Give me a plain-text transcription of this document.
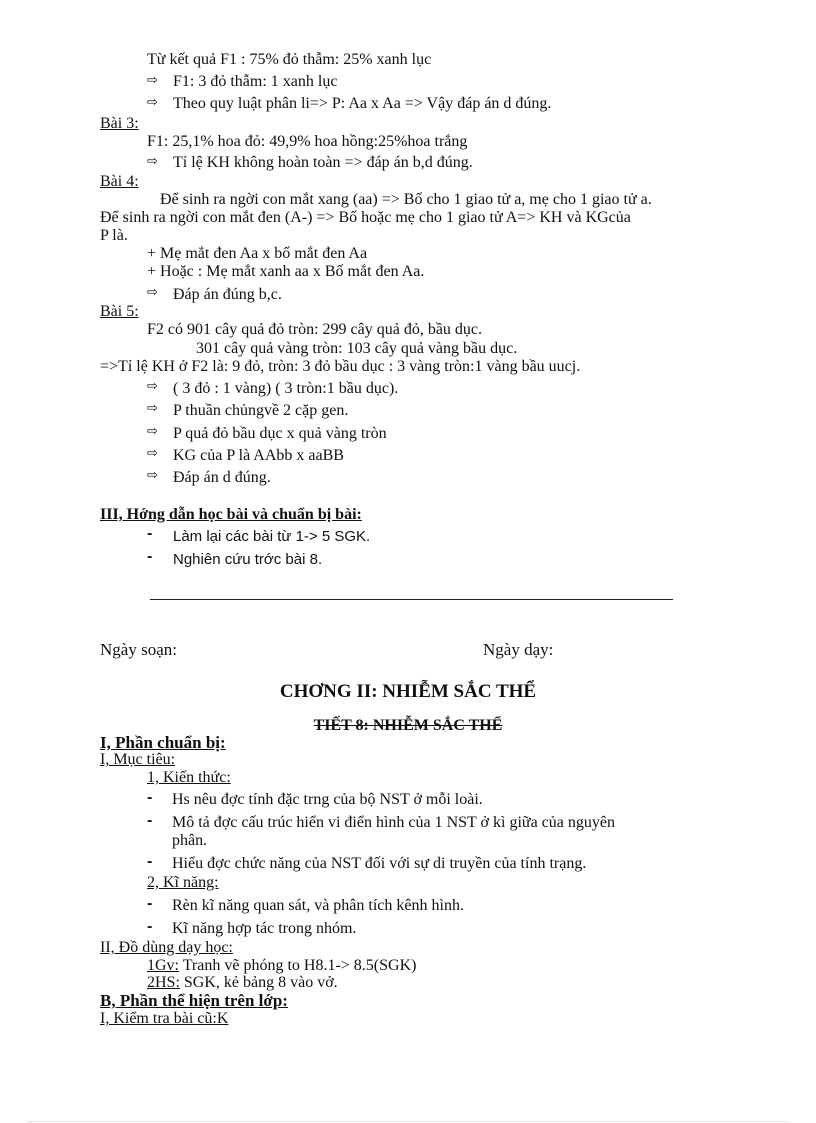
Từ kết quả F1 : 75% đỏ thẫm: 25% xanh lục
⇨ F1: 3 đỏ thẫm: 1 xanh lục
⇨ Theo quy luật phân li=> P: Aa x Aa => Vậy đáp án d đúng.
Bài 3:
F1: 25,1% hoa đỏ: 49,9% hoa hồng:25%hoa trắng
⇨ Tỉ lệ KH không hoàn toàn => đáp án b,d đúng.
Bài 4:
Để sinh ra ngời con mắt xang (aa) => Bố cho 1 giao tử a, mẹ cho 1 giao tử a.
Để sinh ra ngời con mắt đen (A-) => Bố hoặc mẹ cho 1 giao tử A=> KH và KGcủa
P là.
+ Mẹ mắt đen Aa x bố mắt đen Aa
+ Hoặc : Mẹ mắt xanh aa x Bố mắt đen Aa.
⇨ Đáp án đúng b,c.
Bài 5:
F2 có 901 cây quả đỏ tròn: 299 cây quả đỏ, bầu dục.
301 cây quả vàng tròn: 103 cây quả vàng bầu dục.
=>Tỉ lệ KH ở F2 là: 9 đỏ, tròn: 3 đỏ bầu dục : 3 vàng tròn:1 vàng bầu uucj.
⇨ ( 3 đỏ : 1 vàng) ( 3 tròn:1 bầu dục).
⇨ P thuần chủngvề 2 cặp gen.
⇨ P quả đỏ bầu dục x quả vàng tròn
⇨ KG của P là AAbb x aaBB
⇨ Đáp án d đúng.
III, Hớng dẫn học bài và chuẩn bị bài:
- Làm lại các bài từ 1-> 5 SGK.
- Nghiên cứu trớc bài 8.
Ngày soạn:	Ngày dạy:
CHƠNG II: NHIỄM SẮC THỂ
TIẾT 8: NHIỄM SẮC THỂ
I, Phần chuẩn bị:
I, Mục tiêu:
1, Kiến thức:
- Hs nêu đợc tính đặc trng của bộ NST ở mỗi loài.
- Mô tả đợc cấu trúc hiển vi điển hình của 1 NST ở kì giữa của nguyên
phân.
- Hiểu đợc chức năng của NST đối với sự di truyền của tính trạng.
2, Kĩ năng:
- Rèn kĩ năng quan sát, và phân tích kênh hình.
- Kĩ năng hợp tác trong nhóm.
II, Đồ dùng dạy học:
1Gv: Tranh vẽ phóng to H8.1-> 8.5(SGK)
2HS: SGK, kẻ bảng 8 vào vở.
B, Phần thể hiện trên lớp:
I, Kiểm tra bài cũ:K
